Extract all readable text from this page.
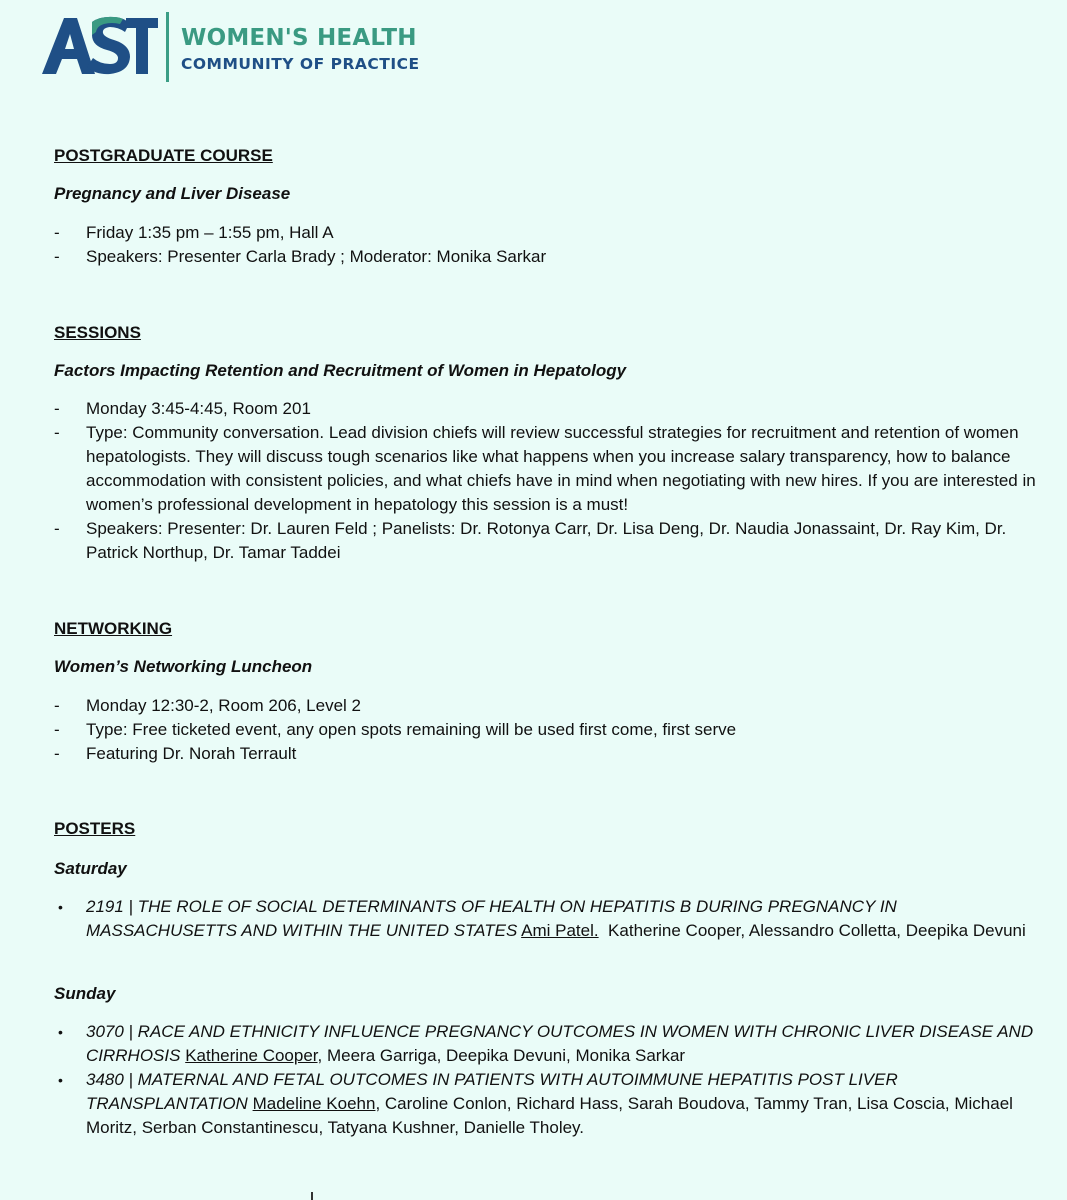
WOMEN'S HEALTH
COMMUNITY OF PRACTICE
POSTGRADUATE COURSE
Pregnancy and Liver Disease
- Friday 1:35 pm – 1:55 pm, Hall A
- Speakers: Presenter Carla Brady ; Moderator: Monika Sarkar
SESSIONS
Factors Impacting Retention and Recruitment of Women in Hepatology
- Monday 3:45-4:45, Room 201
- Type: Community conversation. Lead division chiefs will review successful strategies for recruitment and retention of women hepatologists. They will discuss tough scenarios like what happens when you increase salary transparency, how to balance accommodation with consistent policies, and what chiefs have in mind when negotiating with new hires. If you are interested in women’s professional development in hepatology this session is a must!
- Speakers: Presenter: Dr. Lauren Feld ; Panelists: Dr. Rotonya Carr, Dr. Lisa Deng, Dr. Naudia Jonassaint, Dr. Ray Kim, Dr. Patrick Northup, Dr. Tamar Taddei
NETWORKING
Women’s Networking Luncheon
- Monday 12:30-2, Room 206, Level 2
- Type: Free ticketed event, any open spots remaining will be used first come, first serve
- Featuring Dr. Norah Terrault
POSTERS
Saturday
• 2191 | THE ROLE OF SOCIAL DETERMINANTS OF HEALTH ON HEPATITIS B DURING PREGNANCY IN MASSACHUSETTS AND WITHIN THE UNITED STATES Ami Patel.  Katherine Cooper, Alessandro Colletta, Deepika Devuni
Sunday
• 3070 | RACE AND ETHNICITY INFLUENCE PREGNANCY OUTCOMES IN WOMEN WITH CHRONIC LIVER DISEASE AND CIRRHOSIS Katherine Cooper, Meera Garriga, Deepika Devuni, Monika Sarkar
• 3480 | MATERNAL AND FETAL OUTCOMES IN PATIENTS WITH AUTOIMMUNE HEPATITIS POST LIVER TRANSPLANTATION Madeline Koehn, Caroline Conlon, Richard Hass, Sarah Boudova, Tammy Tran, Lisa Coscia, Michael Moritz, Serban Constantinescu, Tatyana Kushner, Danielle Tholey.
